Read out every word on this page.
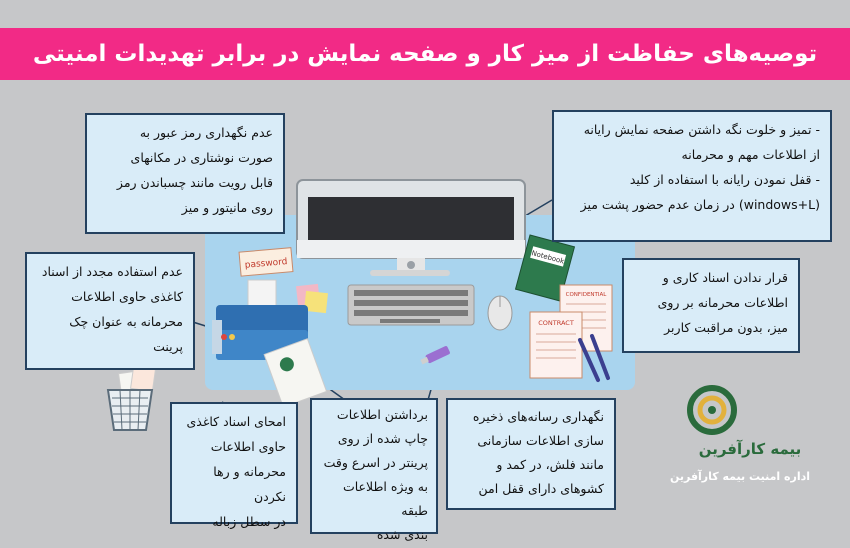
توصیه‌های حفاظت از میز کار و صفحه نمایش در برابر تهدیدات امنیتی
password	Notebook
CONFIDENTIAL
CONTRACT

عدم نگهداری رمز عبور به

صورت نوشتاری در مکانهای

قابل رویت مانند چسباندن رمز

روی مانیتور و میز

- تمیز و خلوت نگه داشتن صفحه نمایش رایانه

از اطلاعات مهم و محرمانه

- قفل نمودن رایانه با استفاده از کلید

(windows+L) در زمان عدم حضور پشت میز

عدم استفاده مجدد از اسناد

کاغذی حاوی اطلاعات

محرمانه به عنوان چک

پرینت

قرار ندادن اسناد کاری و

اطلاعات محرمانه بر روی

میز، بدون مراقبت کاربر

امحای اسناد کاغذی

حاوی اطلاعات

محرمانه و رها نکردن

در سطل زباله

برداشتن اطلاعات

چاپ شده از روی

پرینتر در اسرع وقت

به ویژه اطلاعات طبقه

بندی شده

نگهداری رسانه‌های ذخیره

سازی اطلاعات سازمانی

مانند فلش، در کمد و

کشوهای دارای قفل امن

بیمه کارآفرین
اداره امنیت بیمه کارآفرین
